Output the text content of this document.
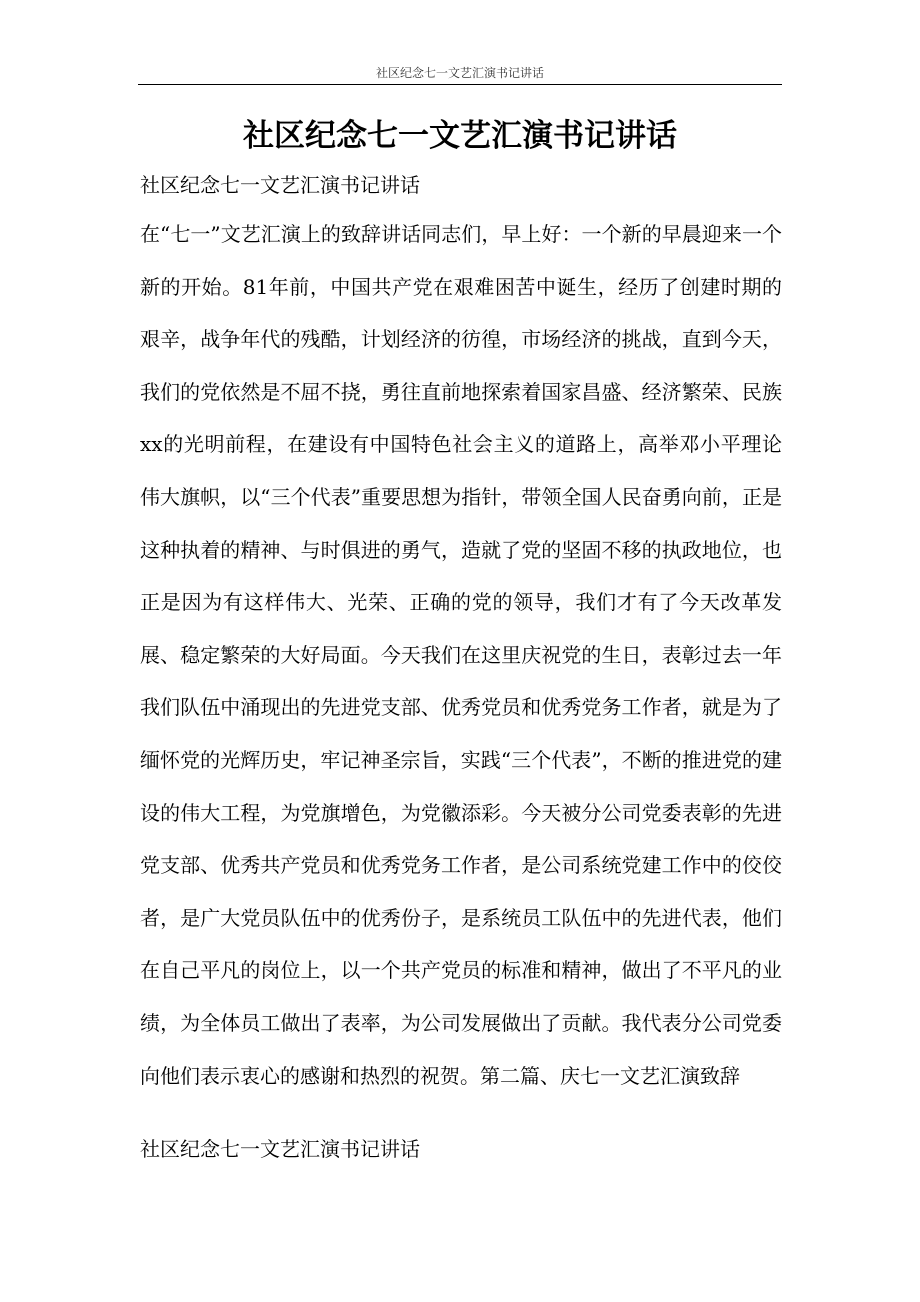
社区纪念七一文艺汇演书记讲话
社区纪念七一文艺汇演书记讲话

社区纪念七一文艺汇演书记讲话

在“七一”文艺汇演上的致辞讲话同志们，早上好：一个新的早晨迎来一个新的开始。81年前，中国共产党在艰难困苦中诞生，经历了创建时期的艰辛，战争年代的残酷，计划经济的彷徨，市场经济的挑战，直到今天，我们的党依然是不屈不挠，勇往直前地探索着国家昌盛、经济繁荣、民族xx的光明前程，在建设有中国特色社会主义的道路上，高举邓小平理论伟大旗帜，以“三个代表”重要思想为指针，带领全国人民奋勇向前，正是这种执着的精神、与时俱进的勇气，造就了党的坚固不移的执政地位，也正是因为有这样伟大、光荣、正确的党的领导，我们才有了今天改革发展、稳定繁荣的大好局面。今天我们在这里庆祝党的生日，表彰过去一年我们队伍中涌现出的先进党支部、优秀党员和优秀党务工作者，就是为了缅怀党的光辉历史，牢记神圣宗旨，实践“三个代表”，不断的推进党的建设的伟大工程，为党旗增色，为党徽添彩。今天被分公司党委表彰的先进党支部、优秀共产党员和优秀党务工作者，是公司系统党建工作中的佼佼者，是广大党员队伍中的优秀份子，是系统员工队伍中的先进代表，他们在自己平凡的岗位上，以一个共产党员的标准和精神，做出了不平凡的业绩，为全体员工做出了表率，为公司发展做出了贡献。我代表分公司党委向他们表示衷心的感谢和热烈的祝贺。第二篇、庆七一文艺汇演致辞

社区纪念七一文艺汇演书记讲话
